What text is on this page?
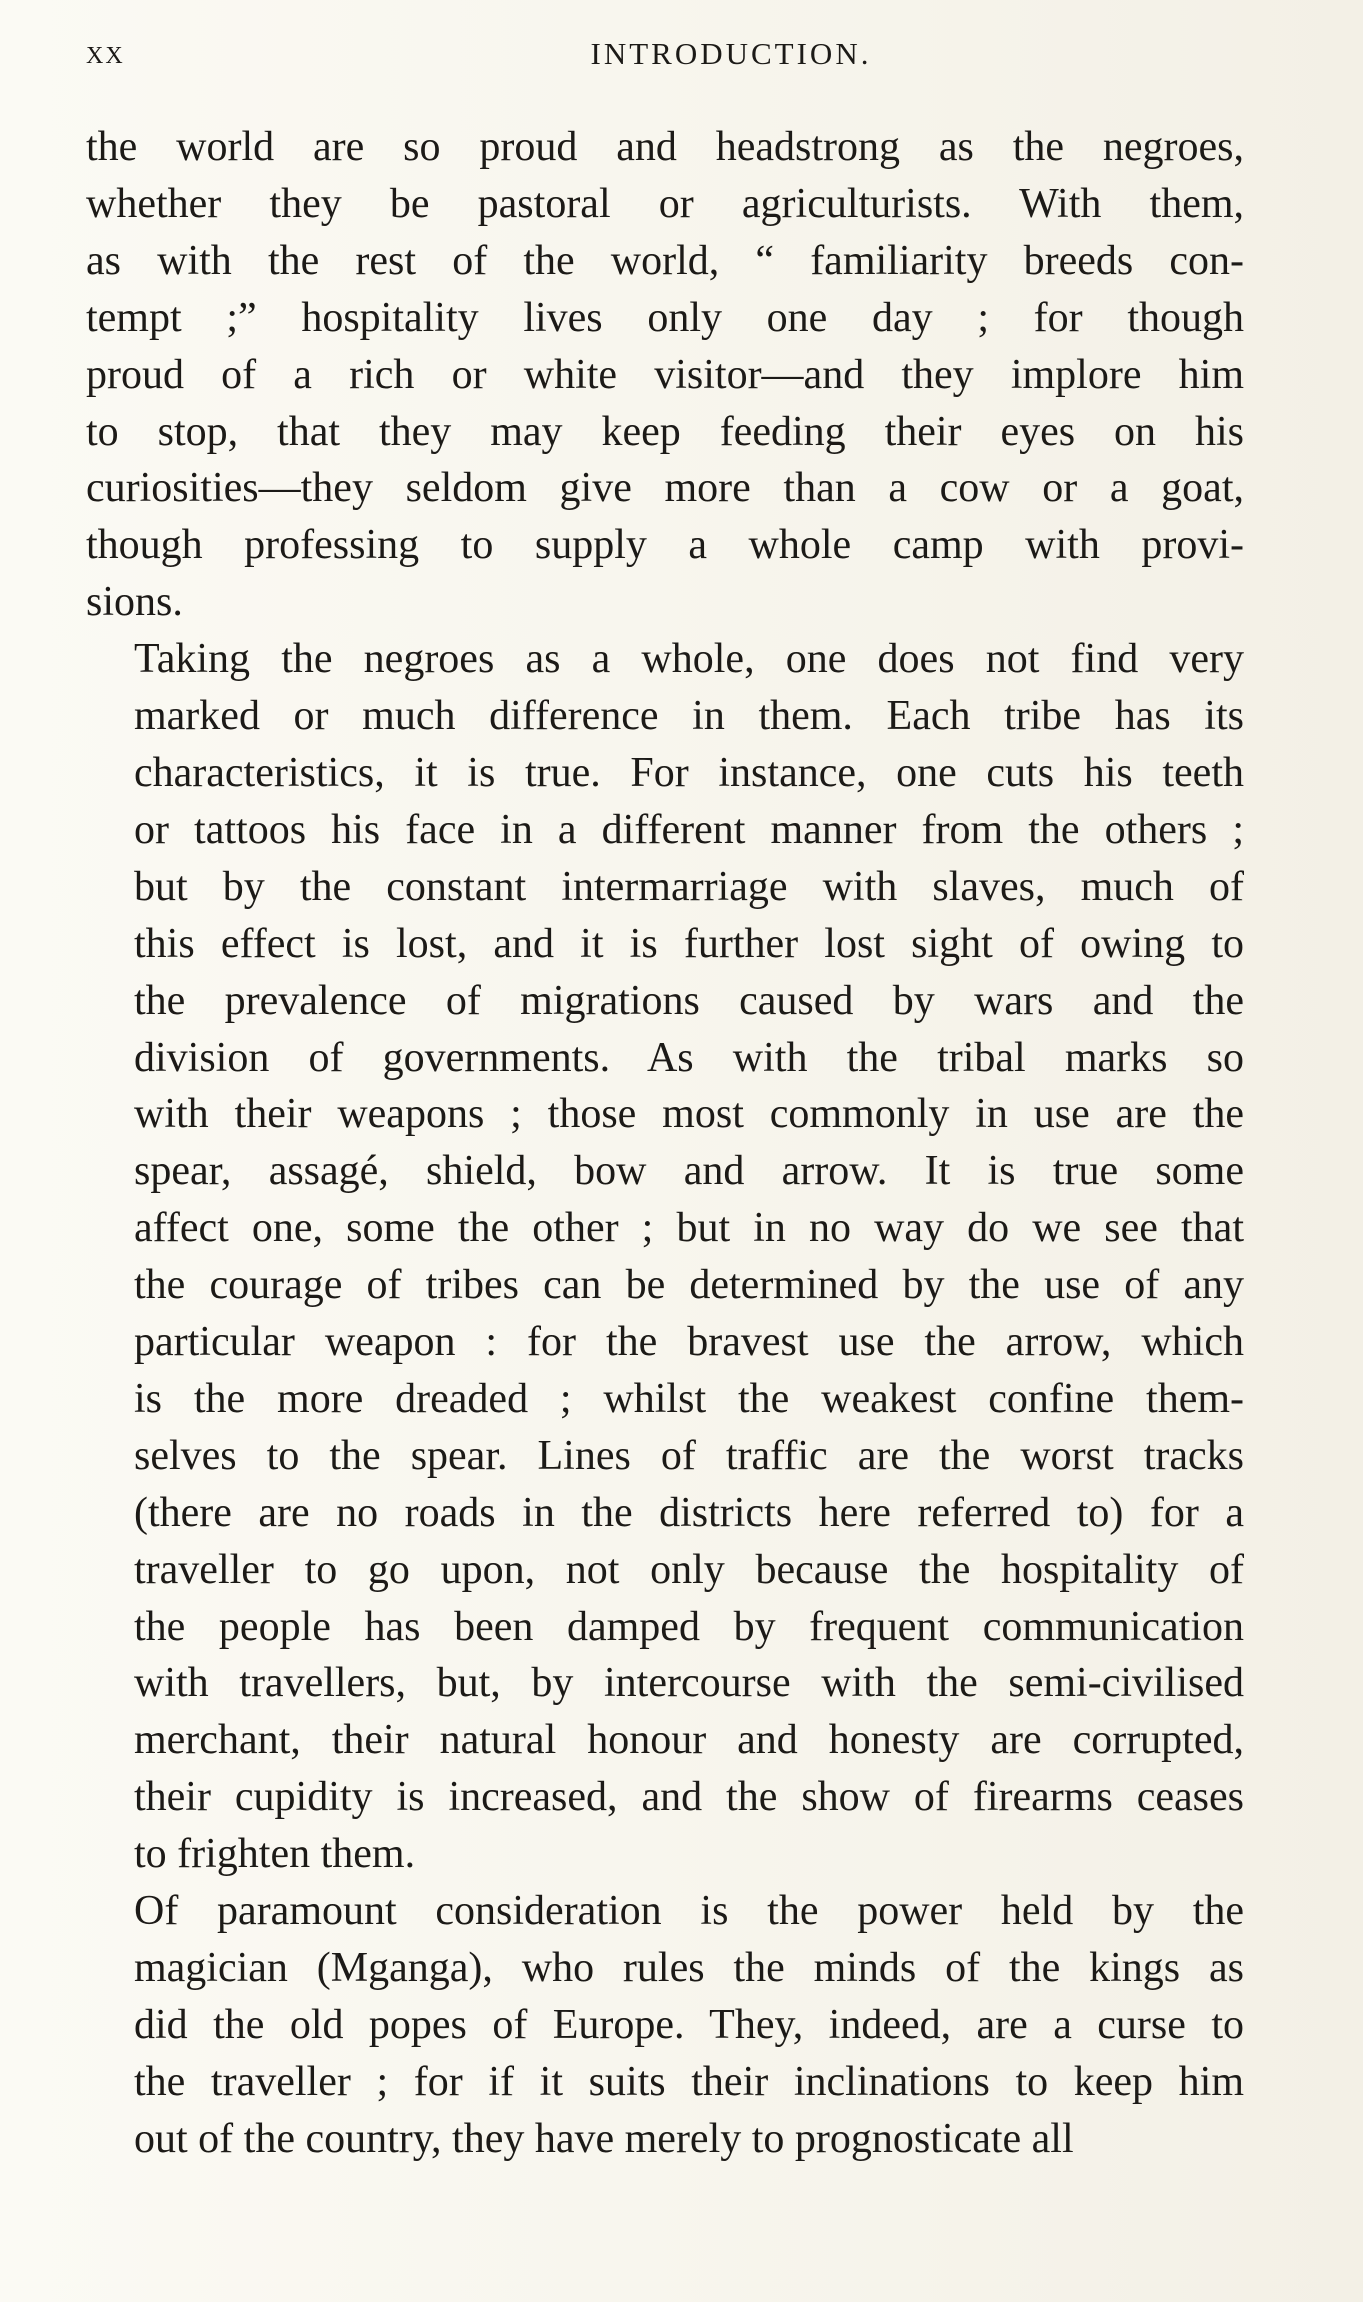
xx	INTRODUCTION.
the world are so proud and headstrong as the negroes,
whether they be pastoral or agriculturists. With them,
as with the rest of the world, “ familiarity breeds con-
tempt ;” hospitality lives only one day ; for though
proud of a rich or white visitor—and they implore him
to stop, that they may keep feeding their eyes on his
curiosities—they seldom give more than a cow or a goat,
though professing to supply a whole camp with provi-
sions.
Taking the negroes as a whole, one does not find very
marked or much difference in them. Each tribe has its
characteristics, it is true. For instance, one cuts his teeth
or tattoos his face in a different manner from the others ;
but by the constant intermarriage with slaves, much of
this effect is lost, and it is further lost sight of owing to
the prevalence of migrations caused by wars and the
division of governments. As with the tribal marks so
with their weapons ; those most commonly in use are the
spear, assagé, shield, bow and arrow. It is true some
affect one, some the other ; but in no way do we see that
the courage of tribes can be determined by the use of any
particular weapon : for the bravest use the arrow, which
is the more dreaded ; whilst the weakest confine them-
selves to the spear. Lines of traffic are the worst tracks
(there are no roads in the districts here referred to) for a
traveller to go upon, not only because the hospitality of
the people has been damped by frequent communication
with travellers, but, by intercourse with the semi-civilised
merchant, their natural honour and honesty are corrupted,
their cupidity is increased, and the show of firearms ceases
to frighten them.
Of paramount consideration is the power held by the
magician (Mganga), who rules the minds of the kings as
did the old popes of Europe. They, indeed, are a curse to
the traveller ; for if it suits their inclinations to keep him
out of the country, they have merely to prognosticate all
